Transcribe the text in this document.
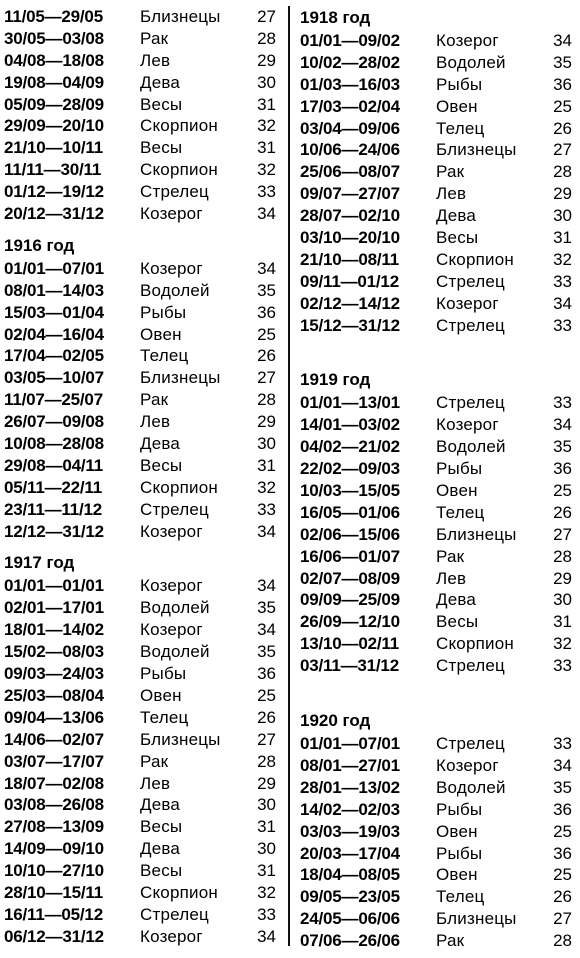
11/05—29/05	Близнецы	27
30/05—03/08	Рак	28
04/08—18/08	Лев	29
19/08—04/09	Дева	30
05/09—28/09	Весы	31
29/09—20/10	Скорпион	32
21/10—10/11	Весы	31
11/11—30/11	Скорпион	32
01/12—19/12	Стрелец	33
20/12—31/12	Козерог	34
1916 год
01/01—07/01	Козерог	34
08/01—14/03	Водолей	35
15/03—01/04	Рыбы	36
02/04—16/04	Овен	25
17/04—02/05	Телец	26
03/05—10/07	Близнецы	27
11/07—25/07	Рак	28
26/07—09/08	Лев	29
10/08—28/08	Дева	30
29/08—04/11	Весы	31
05/11—22/11	Скорпион	32
23/11—11/12	Стрелец	33
12/12—31/12	Козерог	34
1917 год
01/01—01/01	Козерог	34
02/01—17/01	Водолей	35
18/01—14/02	Козерог	34
15/02—08/03	Водолей	35
09/03—24/03	Рыбы	36
25/03—08/04	Овен	25
09/04—13/06	Телец	26
14/06—02/07	Близнецы	27
03/07—17/07	Рак	28
18/07—02/08	Лев	29
03/08—26/08	Дева	30
27/08—13/09	Весы	31
14/09—09/10	Дева	30
10/10—27/10	Весы	31
28/10—15/11	Скорпион	32
16/11—05/12	Стрелец	33
06/12—31/12	Козерог	34
1918 год
01/01—09/02	Козерог	34
10/02—28/02	Водолей	35
01/03—16/03	Рыбы	36
17/03—02/04	Овен	25
03/04—09/06	Телец	26
10/06—24/06	Близнецы	27
25/06—08/07	Рак	28
09/07—27/07	Лев	29
28/07—02/10	Дева	30
03/10—20/10	Весы	31
21/10—08/11	Скорпион	32
09/11—01/12	Стрелец	33
02/12—14/12	Козерог	34
15/12—31/12	Стрелец	33
1919 год
01/01—13/01	Стрелец	33
14/01—03/02	Козерог	34
04/02—21/02	Водолей	35
22/02—09/03	Рыбы	36
10/03—15/05	Овен	25
16/05—01/06	Телец	26
02/06—15/06	Близнецы	27
16/06—01/07	Рак	28
02/07—08/09	Лев	29
09/09—25/09	Дева	30
26/09—12/10	Весы	31
13/10—02/11	Скорпион	32
03/11—31/12	Стрелец	33
1920 год
01/01—07/01	Стрелец	33
08/01—27/01	Козерог	34
28/01—13/02	Водолей	35
14/02—02/03	Рыбы	36
03/03—19/03	Овен	25
20/03—17/04	Рыбы	36
18/04—08/05	Овен	25
09/05—23/05	Телец	26
24/05—06/06	Близнецы	27
07/06—26/06	Рак	28
